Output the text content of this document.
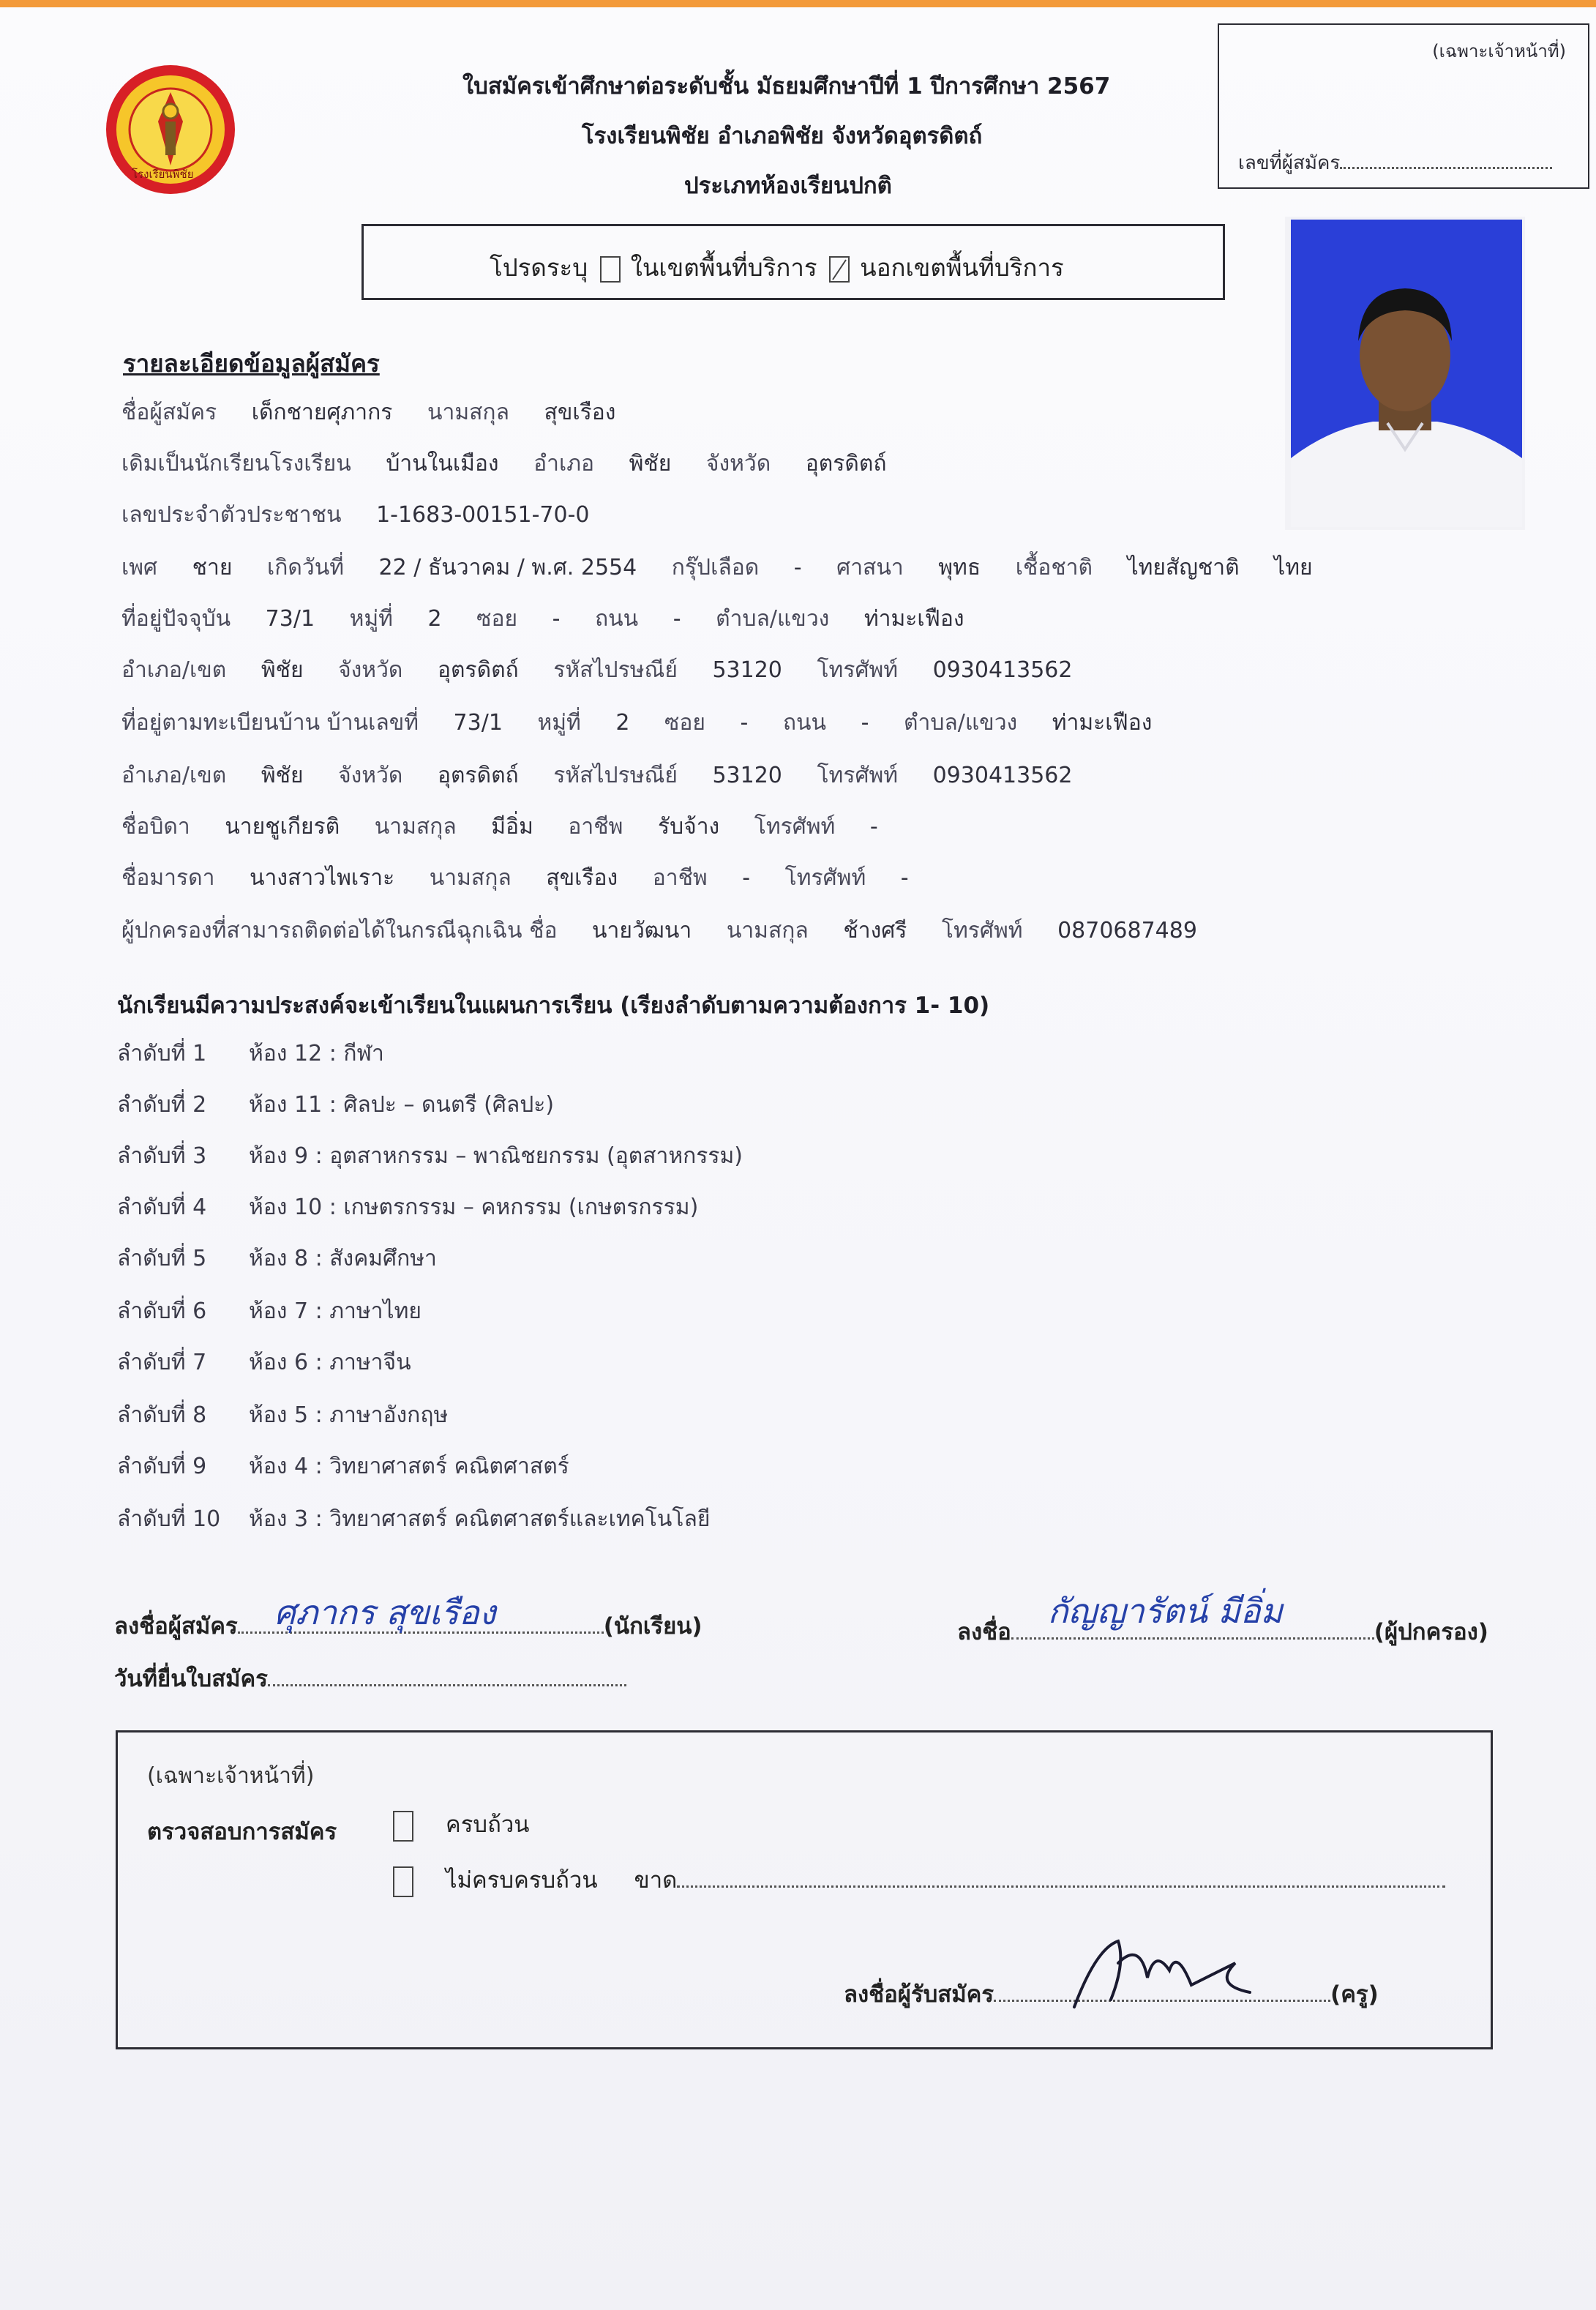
โรงเรียนพิชัย
ใบสมัครเข้าศึกษาต่อระดับชั้น มัธยมศึกษาปีที่ 1 ปีการศึกษา 2567
โรงเรียนพิชัย อำเภอพิชัย จังหวัดอุตรดิตถ์
ประเภทห้องเรียนปกติ
(เฉพาะเจ้าหน้าที่)
เลขที่ผู้สมัคร
โปรดระบุ ในเขตพื้นที่บริการ นอกเขตพื้นที่บริการ
รายละเอียดข้อมูลผู้สมัคร
ชื่อผู้สมัคร เด็กชายศุภากร นามสกุล สุขเรือง
เดิมเป็นนักเรียนโรงเรียน บ้านในเมือง อำเภอ พิชัย จังหวัด อุตรดิตถ์
เลขประจำตัวประชาชน 1-1683-00151-70-0
เพศ ชาย เกิดวันที่ 22 / ธันวาคม / พ.ศ. 2554 กรุ๊ปเลือด - ศาสนา พุทธ เชื้อชาติ ไทยสัญชาติ ไทย
ที่อยู่ปัจจุบัน 73/1 หมู่ที่ 2 ซอย - ถนน - ตำบล/แขวง ท่ามะเฟือง
อำเภอ/เขต พิชัย จังหวัด อุตรดิตถ์ รหัสไปรษณีย์ 53120 โทรศัพท์ 0930413562
ที่อยู่ตามทะเบียนบ้าน บ้านเลขที่ 73/1 หมู่ที่ 2 ซอย - ถนน - ตำบล/แขวง ท่ามะเฟือง
อำเภอ/เขต พิชัย จังหวัด อุตรดิตถ์ รหัสไปรษณีย์ 53120 โทรศัพท์ 0930413562
ชื่อบิดา นายชูเกียรติ นามสกุล มีอิ่ม อาชีพ รับจ้าง โทรศัพท์ -
ชื่อมารดา นางสาวไพเราะ นามสกุล สุขเรือง อาชีพ - โทรศัพท์ -
ผู้ปกครองที่สามารถติดต่อได้ในกรณีฉุกเฉิน ชื่อ นายวัฒนา นามสกุล ช้างศรี โทรศัพท์ 0870687489
นักเรียนมีความประสงค์จะเข้าเรียนในแผนการเรียน (เรียงลำดับตามความต้องการ 1- 10)
ลำดับที่ 1 ห้อง 12 : กีฬา
ลำดับที่ 2 ห้อง 11 : ศิลปะ – ดนตรี (ศิลปะ)
ลำดับที่ 3 ห้อง 9 : อุตสาหกรรม – พาณิชยกรรม (อุตสาหกรรม)
ลำดับที่ 4 ห้อง 10 : เกษตรกรรม – คหกรรม (เกษตรกรรม)
ลำดับที่ 5 ห้อง 8 : สังคมศึกษา
ลำดับที่ 6 ห้อง 7 : ภาษาไทย
ลำดับที่ 7 ห้อง 6 : ภาษาจีน
ลำดับที่ 8 ห้อง 5 : ภาษาอังกฤษ
ลำดับที่ 9 ห้อง 4 : วิทยาศาสตร์ คณิตศาสตร์
ลำดับที่ 10 ห้อง 3 : วิทยาศาสตร์ คณิตศาสตร์และเทคโนโลยี
ลงชื่อผู้สมัคร ศุภากร สุขเรือง	(นักเรียน)
วันที่ยื่นใบสมัคร
ลงชื่อ
กัญญารัตน์ มีอิ่ม
(ผู้ปกครอง)
(เฉพาะเจ้าหน้าที่)
ตรวจสอบการสมัคร	ครบถ้วน
ไม่ครบครบถ้วน ขาด
ลงชื่อผู้รับสมัคร	(ครู)
